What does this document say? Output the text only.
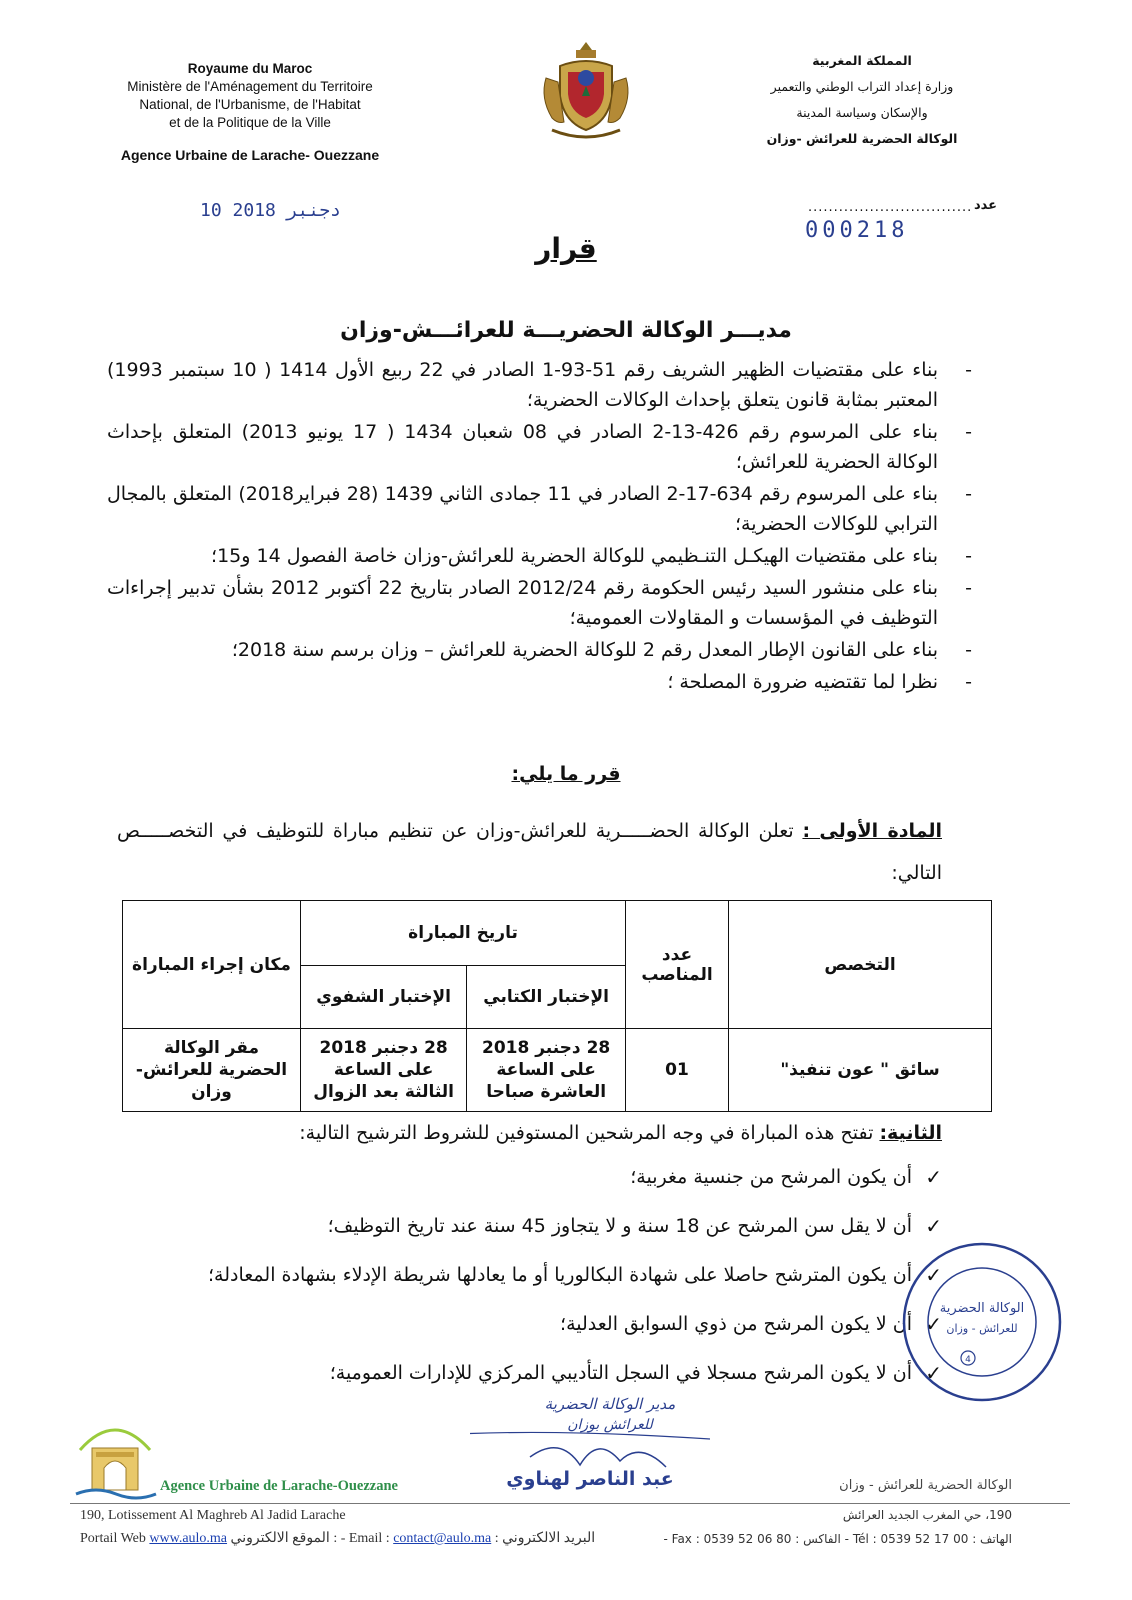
Royaume du Maroc
Ministère de l'Aménagement du Territoire
National, de l'Urbanisme, de l'Habitat
et de la Politique de la Ville
Agence Urbaine de Larache- Ouezzane
المملكة المغربية
وزارة إعداد التراب الوطني والتعمير
والإسكان وسياسة المدينة
الوكالة الحضرية للعرائش -وزان
10 دجنبر 2018	عدد
................................
000218
قرار
مديـــر الوكالة الحضريـــة للعرائـــش-وزان
- بناء على مقتضيات الظهير الشريف رقم 51-93-1 الصادر في 22 ربيع الأول 1414 ( 10 سبتمبر 1993) المعتبر بمثابة قانون يتعلق بإحداث الوكالات الحضرية؛
- بناء على المرسوم رقم 426-13-2 الصادر في 08 شعبان 1434 ( 17 يونيو 2013) المتعلق بإحداث الوكالة الحضرية للعرائش؛
- بناء على المرسوم رقم 634-17-2 الصادر في 11 جمادى الثاني 1439 (28 فبراير2018) المتعلق بالمجال الترابي للوكالات الحضرية؛
- بناء على مقتضيات الهيكـل التنـظيمي للوكالة الحضرية للعرائش-وزان خاصة الفصول 14 و15؛
- بناء على منشور السيد رئيس الحكومة رقم 2012/24 الصادر بتاريخ 22 أكتوبر 2012 بشأن تدبير إجراءات التوظيف في المؤسسات و المقاولات العمومية؛
- بناء على القانون الإطار المعدل رقم 2 للوكالة الحضرية للعرائش – وزان برسم سنة 2018؛
- نظرا لما تقتضيه ضرورة المصلحة ؛
قرر ما يلي:
المادة الأولى : تعلن الوكالة الحضـــــرية للعرائش-وزان عن تنظيم مباراة للتوظيف في التخصـــــص التالي:
التخصص	عدد المناصب	تاريخ المباراة		مكان إجراء المباراة
		الإختبار الكتابي	الإختبار الشفوي	
سائق " عون تنفيذ"	01	28 دجنبر 2018 على الساعة العاشرة صباحا	28 دجنبر 2018 على الساعة الثالثة بعد الزوال	مقر الوكالة الحضرية للعرائش-وزان
الثانية: تفتح هذه المباراة في وجه المرشحين المستوفين للشروط الترشيح التالية:
✓
أن يكون المرشح من جنسية مغربية؛
✓
أن لا يقل سن المرشح عن 18 سنة و لا يتجاوز 45 سنة عند تاريخ التوظيف؛
✓
أن يكون المترشح حاصلا على شهادة البكالوريا أو ما يعادلها شريطة الإدلاء بشهادة المعادلة؛
✓
أن لا يكون المرشح من ذوي السوابق العدلية؛
✓
أن لا يكون المرشح مسجلا في السجل التأديبي المركزي للإدارات العمومية؛
الوكالة الحضرية
للعرائش - وزان
4
مدير الوكالة الحضرية
للعرائش بوزان
عبد الناصر لهناوي
Agence Urbaine de Larache-Ouezzane	الوكالة الحضرية للعرائش - وزان
190, Lotissement Al Maghreb Al Jadid Larache	190، حي المغرب الجديد العرائش
Portail Web www.aulo.ma الموقع الالكتروني : - Email : contact@aulo.ma : البريد الالكتروني	الهاتف : 00 17 52 0539 : Tél - الفاكس : 80 06 52 0539 : Fax -
